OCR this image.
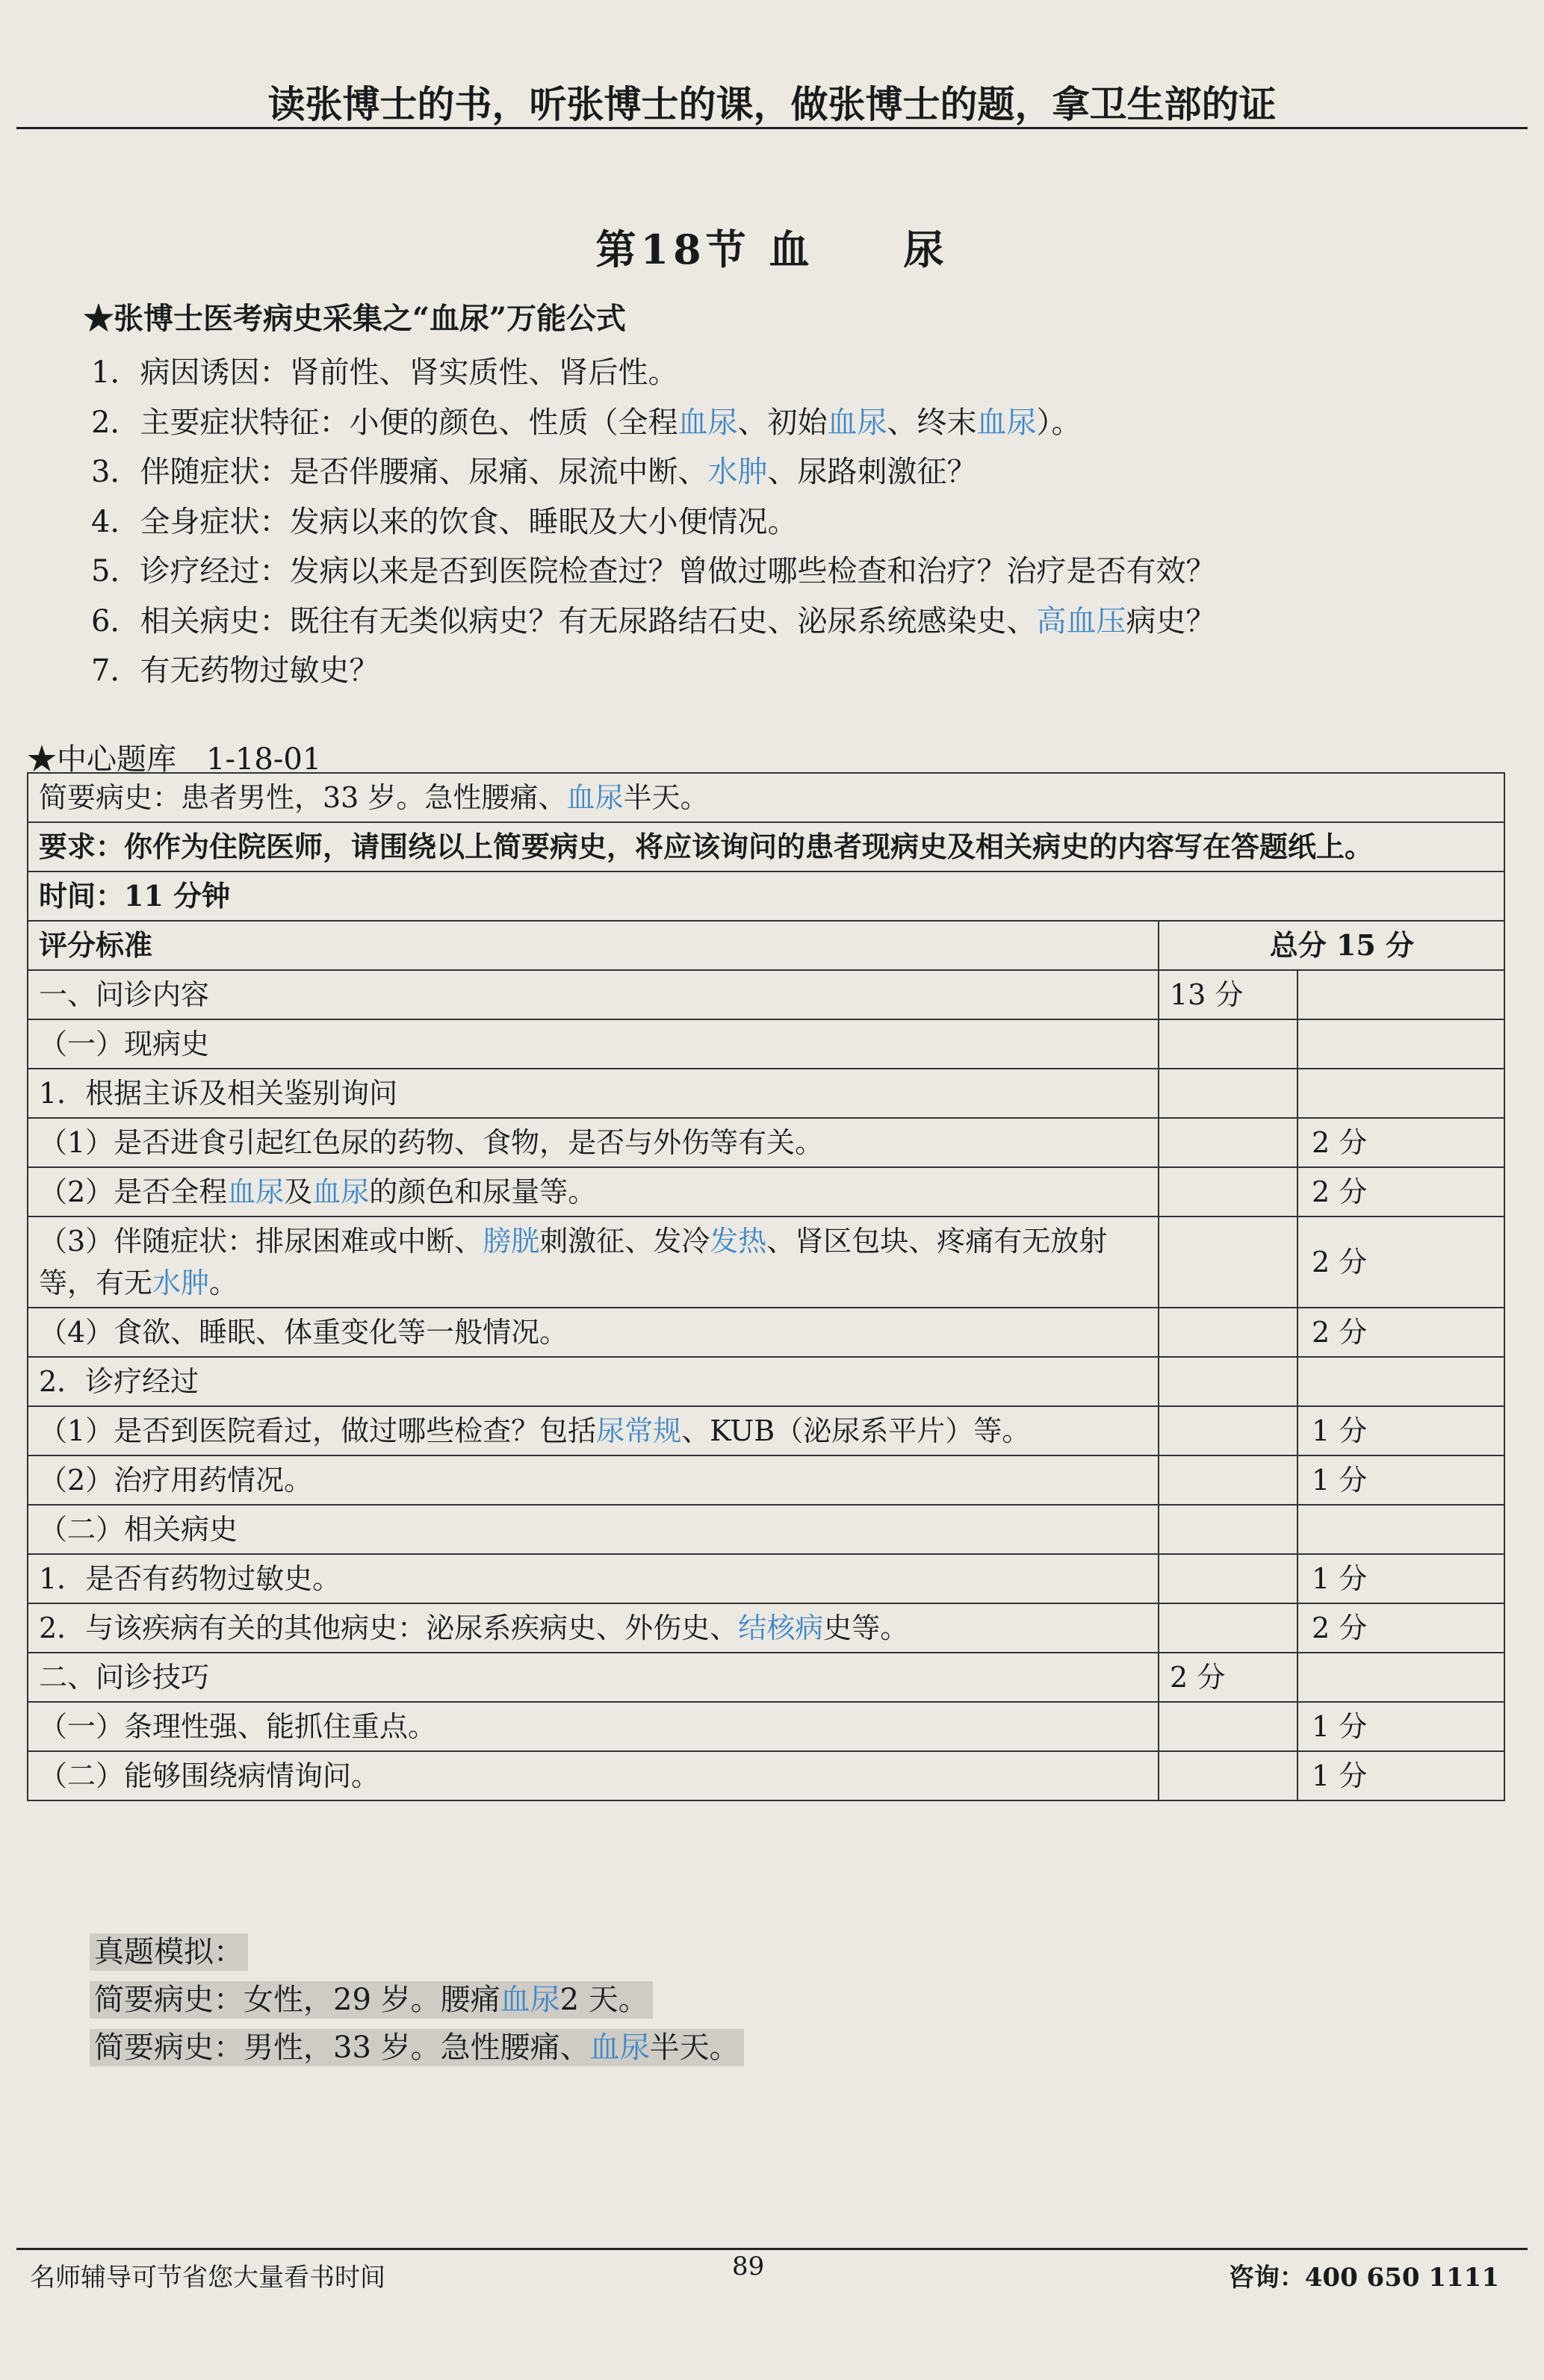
读张博士的书，听张博士的课，做张博士的题，拿卫生部的证
第18节 血　　尿
★张博士医考病史采集之“血尿”万能公式
1．病因诱因：肾前性、肾实质性、肾后性。
2．主要症状特征：小便的颜色、性质（全程血尿、初始血尿、终末血尿）。
3．伴随症状：是否伴腰痛、尿痛、尿流中断、水肿、尿路刺激征？
4．全身症状：发病以来的饮食、睡眠及大小便情况。
5．诊疗经过：发病以来是否到医院检查过？曾做过哪些检查和治疗？治疗是否有效？
6．相关病史：既往有无类似病史？有无尿路结石史、泌尿系统感染史、高血压病史？
7．有无药物过敏史？
★中心题库　1-18-01
简要病史：患者男性，33 岁。急性腰痛、血尿半天。		
要求：你作为住院医师，请围绕以上简要病史，将应该询问的患者现病史及相关病史的内容写在答题纸上。		
时间：11 分钟		
评分标准	总分 15 分	
一、问诊内容	13 分	
（一）现病史		
1．根据主诉及相关鉴别询问		
（1）是否进食引起红色尿的药物、食物，是否与外伤等有关。		2 分
（2）是否全程血尿及血尿的颜色和尿量等。		2 分
（3）伴随症状：排尿困难或中断、膀胱刺激征、发冷发热、肾区包块、疼痛有无放射等，有无水肿。		2 分
（4）食欲、睡眠、体重变化等一般情况。		2 分
2．诊疗经过		
（1）是否到医院看过，做过哪些检查？包括尿常规、KUB（泌尿系平片）等。		1 分
（2）治疗用药情况。		1 分
（二）相关病史		
1．是否有药物过敏史。		1 分
2．与该疾病有关的其他病史：泌尿系疾病史、外伤史、结核病史等。		2 分
二、问诊技巧	2 分	
（一）条理性强、能抓住重点。		1 分
（二）能够围绕病情询问。		1 分
真题模拟：
简要病史：女性，29 岁。腰痛血尿2 天。
简要病史：男性，33 岁。急性腰痛、血尿半天。
名师辅导可节省您大量看书时间	89	咨询：400 650 1111
